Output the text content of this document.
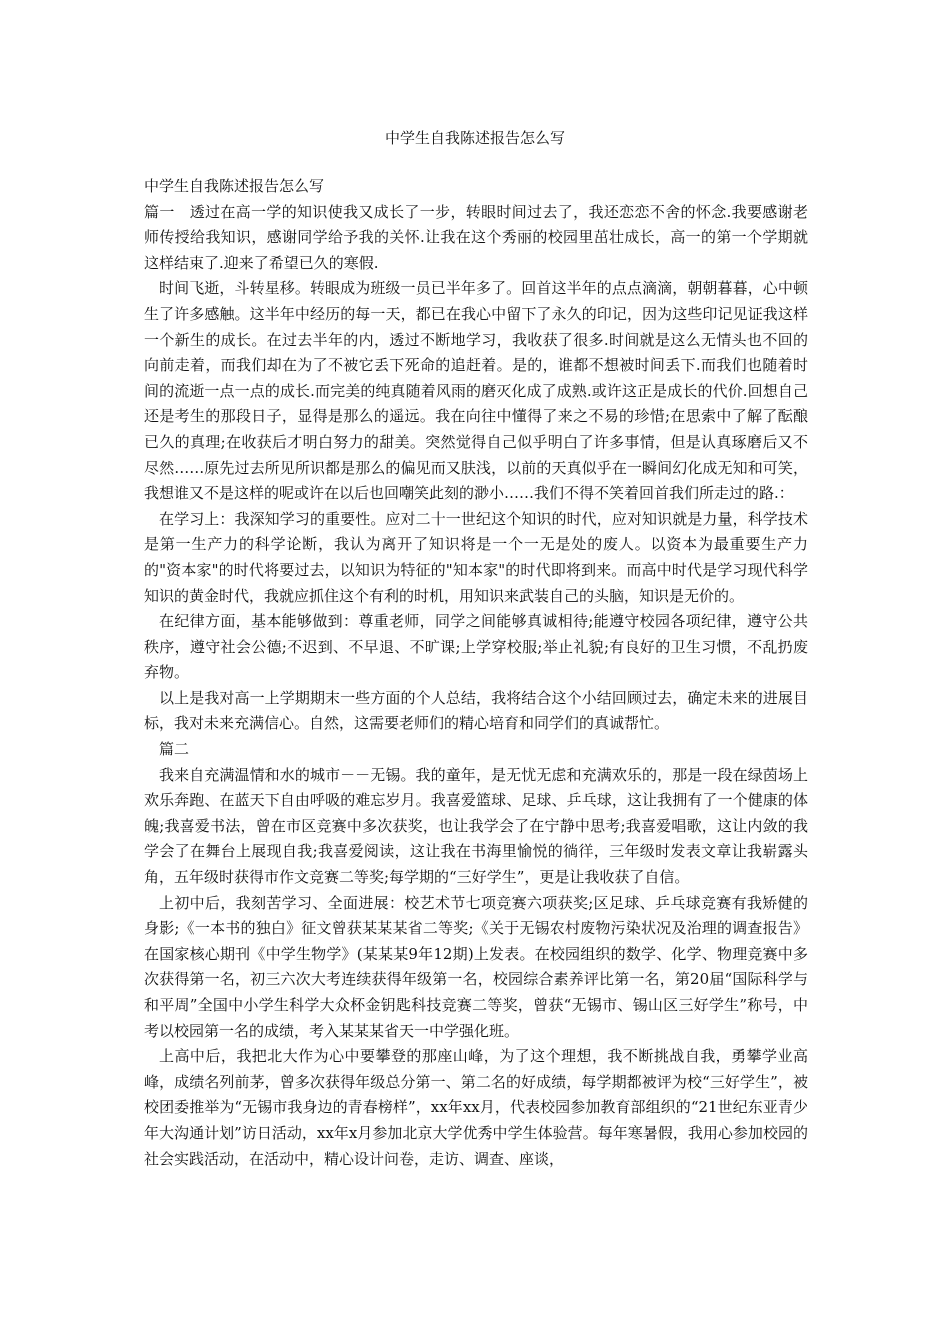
中学生自我陈述报告怎么写

中学生自我陈述报告怎么写

篇一 透过在高一学的知识使我又成长了一步，转眼时间过去了，我还恋恋不舍的怀念.我要感谢老师传授给我知识，感谢同学给予我的关怀.让我在这个秀丽的校园里茁壮成长，高一的第一个学期就这样结束了.迎来了希望已久的寒假.

时间飞逝，斗转星移。转眼成为班级一员已半年多了。回首这半年的点点滴滴，朝朝暮暮，心中顿生了许多感触。这半年中经历的每一天，都已在我心中留下了永久的印记，因为这些印记见证我这样一个新生的成长。在过去半年的内，透过不断地学习，我收获了很多.时间就是这么无情头也不回的向前走着，而我们却在为了不被它丢下死命的追赶着。是的，谁都不想被时间丢下.而我们也随着时间的流逝一点一点的成长.而完美的纯真随着风雨的磨灭化成了成熟.或许这正是成长的代价.回想自己还是考生的那段日子，显得是那么的遥远。我在向往中懂得了来之不易的珍惜;在思索中了解了酝酿已久的真理;在收获后才明白努力的甜美。突然觉得自己似乎明白了许多事情，但是认真琢磨后又不尽然……原先过去所见所识都是那么的偏见而又肤浅，以前的天真似乎在一瞬间幻化成无知和可笑，我想谁又不是这样的呢或许在以后也回嘲笑此刻的渺小……我们不得不笑着回首我们所走过的路.：

在学习上：我深知学习的重要性。应对二十一世纪这个知识的时代，应对知识就是力量，科学技术是第一生产力的科学论断，我认为离开了知识将是一个一无是处的废人。以资本为最重要生产力的"资本家"的时代将要过去，以知识为特征的"知本家"的时代即将到来。而高中时代是学习现代科学知识的黄金时代，我就应抓住这个有利的时机，用知识来武装自己的头脑，知识是无价的。

在纪律方面，基本能够做到：尊重老师，同学之间能够真诚相待;能遵守校园各项纪律，遵守公共秩序，遵守社会公德;不迟到、不早退、不旷课;上学穿校服;举止礼貌;有良好的卫生习惯，不乱扔废弃物。

以上是我对高一上学期期末一些方面的个人总结，我将结合这个小结回顾过去，确定未来的进展目标，我对未来充满信心。自然，这需要老师们的精心培育和同学们的真诚帮忙。

篇二

我来自充满温情和水的城市－－无锡。我的童年，是无忧无虑和充满欢乐的，那是一段在绿茵场上欢乐奔跑、在蓝天下自由呼吸的难忘岁月。我喜爱篮球、足球、乒乓球，这让我拥有了一个健康的体魄;我喜爱书法，曾在市区竞赛中多次获奖，也让我学会了在宁静中思考;我喜爱唱歌，这让内敛的我学会了在舞台上展现自我;我喜爱阅读，这让我在书海里愉悦的徜徉，三年级时发表文章让我崭露头角，五年级时获得市作文竞赛二等奖;每学期的“三好学生”，更是让我收获了自信。

上初中后，我刻苦学习、全面进展：校艺术节七项竞赛六项获奖;区足球、乒乓球竞赛有我矫健的身影;《一本书的独白》征文曾获某某某省二等奖;《关于无锡农村废物污染状况及治理的调查报告》在国家核心期刊《中学生物学》(某某某9年12期)上发表。在校园组织的数学、化学、物理竞赛中多次获得第一名，初三六次大考连续获得年级第一名，校园综合素养评比第一名，第20届“国际科学与和平周”全国中小学生科学大众杯金钥匙科技竞赛二等奖，曾获“无锡市、锡山区三好学生”称号，中考以校园第一名的成绩，考入某某某省天一中学强化班。

上高中后，我把北大作为心中要攀登的那座山峰，为了这个理想，我不断挑战自我，勇攀学业高峰，成绩名列前茅，曾多次获得年级总分第一、第二名的好成绩，每学期都被评为校“三好学生”，被校团委推举为“无锡市我身边的青春榜样”，xx年xx月，代表校园参加教育部组织的“21世纪东亚青少年大沟通计划”访日活动，xx年x月参加北京大学优秀中学生体验营。每年寒暑假，我用心参加校园的社会实践活动，在活动中，精心设计问卷，走访、调查、座谈，
